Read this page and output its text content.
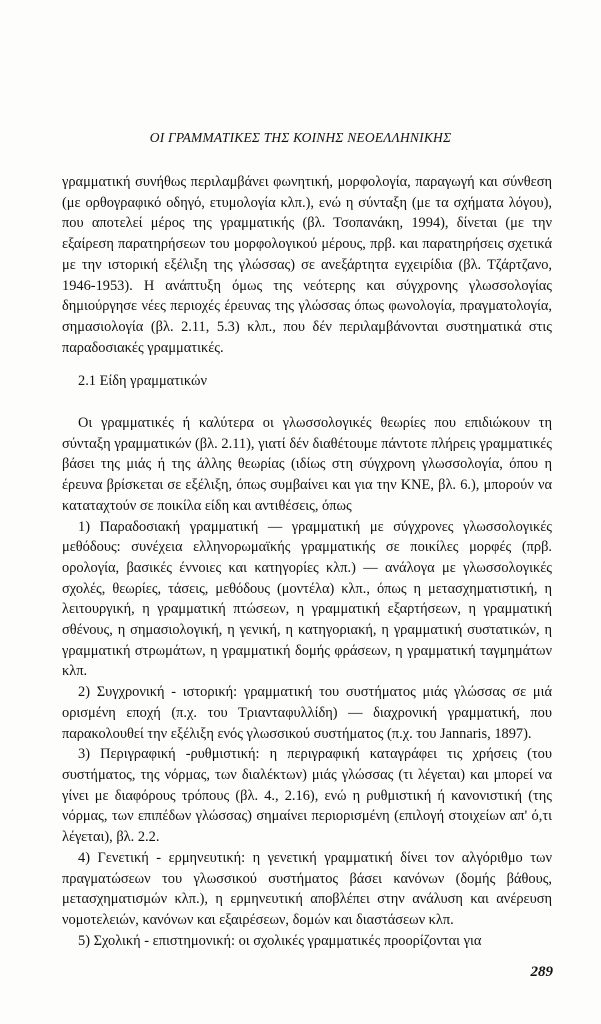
ΟΙ ΓΡΑΜΜΑΤΙΚΕΣ ΤΗΣ ΚΟΙΝΗΣ ΝΕΟΕΛΛΗΝΙΚΗΣ

γραμματική συνήθως περιλαμβάνει φωνητική, μορφολογία, παραγωγή και σύνθεση (με ορθογραφικό οδηγό, ετυμολογία κλπ.), ενώ η σύνταξη (με τα σχήματα λόγου), που αποτελεί μέρος της γραμματικής (βλ. Τσοπανάκη, 1994), δίνεται (με την εξαίρεση παρατηρήσεων του μορφολογικού μέρους, πρβ. και παρατηρήσεις σχετικά με την ιστορική εξέλιξη της γλώσσας) σε ανεξάρτητα εγχειρίδια (βλ. Τζάρτζανο, 1946-1953). Η ανάπτυξη όμως της νεότερης και σύγχρονης γλωσσολογίας δημιούργησε νέες περιοχές έρευνας της γλώσσας όπως φωνολογία, πραγματολογία, σημασιολογία (βλ. 2.11, 5.3) κλπ., που δέν περιλαμβάνονται συστηματικά στις παραδοσιακές γραμματικές.

2.1 Είδη γραμματικών

Οι γραμματικές ή καλύτερα οι γλωσσολογικές θεωρίες που επιδιώκουν τη σύνταξη γραμματικών (βλ. 2.11), γιατί δέν διαθέτουμε πάντοτε πλήρεις γραμματικές βάσει της μιάς ή της άλλης θεωρίας (ιδίως στη σύγχρονη γλωσσολογία, όπου η έρευνα βρίσκεται σε εξέλιξη, όπως συμβαίνει και για την ΚΝΕ, βλ. 6.), μπορούν να καταταχτούν σε ποικίλα είδη και αντιθέσεις, όπως

1) Παραδοσιακή γραμματική — γραμματική με σύγχρονες γλωσσολογικές μεθόδους: συνέχεια ελληνορωμαϊκής γραμματικής σε ποικίλες μορφές (πρβ. ορολογία, βασικές έννοιες και κατηγορίες κλπ.) — ανάλογα με γλωσσολογικές σχολές, θεωρίες, τάσεις, μεθόδους (μοντέλα) κλπ., όπως η μετασχηματιστική, η λειτουργική, η γραμματική πτώσεων, η γραμματική εξαρτήσεων, η γραμματική σθένους, η σημασιολογική, η γενική, η κατηγοριακή, η γραμματική συστατικών, η γραμματική στρωμάτων, η γραμματική δομής φράσεων, η γραμματική ταγμημάτων κλπ.

2) Συγχρονική - ιστορική: γραμματική του συστήματος μιάς γλώσσας σε μιά ορισμένη εποχή (π.χ. του Τριανταφυλλίδη) — διαχρονική γραμματική, που παρακολουθεί την εξέλιξη ενός γλωσσικού συστήματος (π.χ. του Jannaris, 1897).

3) Περιγραφική -ρυθμιστική: η περιγραφική καταγράφει τις χρήσεις (του συστήματος, της νόρμας, των διαλέκτων) μιάς γλώσσας (τι λέγεται) και μπορεί να γίνει με διαφόρους τρόπους (βλ. 4., 2.16), ενώ η ρυθμιστική ή κανονιστική (της νόρμας, των επιπέδων γλώσσας) σημαίνει περιορισμένη (επιλογή στοιχείων απ' ό,τι λέγεται), βλ. 2.2.

4) Γενετική - ερμηνευτική: η γενετική γραμματική δίνει τον αλγόριθμο των πραγματώσεων του γλωσσικού συστήματος βάσει κανόνων (δομής βάθους, μετασχηματισμών κλπ.), η ερμηνευτική αποβλέπει στην ανάλυση και ανέρευση νομοτελειών, κανόνων και εξαιρέσεων, δομών και διαστάσεων κλπ.

5) Σχολική - επιστημονική: οι σχολικές γραμματικές προορίζονται για

289
